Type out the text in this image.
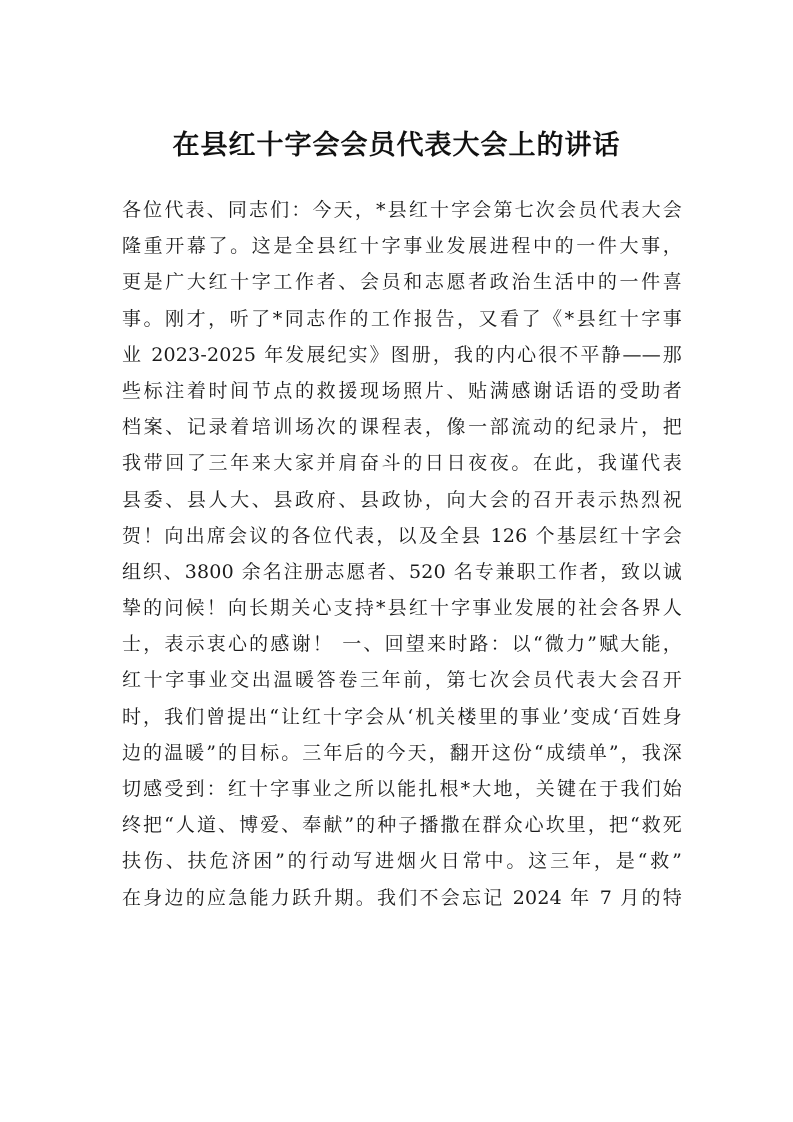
在县红十字会会员代表大会上的讲话
各位代表、同志们：今天，*县红十字会第七次会员代表大会
隆重开幕了。这是全县红十字事业发展进程中的一件大事，
更是广大红十字工作者、会员和志愿者政治生活中的一件喜
事。刚才，听了*同志作的工作报告，又看了《*县红十字事
业 2023-2025 年发展纪实》图册，我的内心很不平静——那
些标注着时间节点的救援现场照片、贴满感谢话语的受助者
档案、记录着培训场次的课程表，像一部流动的纪录片，把
我带回了三年来大家并肩奋斗的日日夜夜。在此，我谨代表
县委、县人大、县政府、县政协，向大会的召开表示热烈祝
贺！向出席会议的各位代表，以及全县 126 个基层红十字会
组织、3800 余名注册志愿者、520 名专兼职工作者，致以诚
挚的问候！向长期关心支持*县红十字事业发展的社会各界人
士，表示衷心的感谢！ 一、回望来时路：以“微力”赋大能，
红十字事业交出温暖答卷三年前，第七次会员代表大会召开
时，我们曾提出“让红十字会从‘机关楼里的事业’变成‘百姓身
边的温暖”的目标。三年后的今天，翻开这份“成绩单”，我深
切感受到：红十字事业之所以能扎根*大地，关键在于我们始
终把“人道、博爱、奉献”的种子播撒在群众心坎里，把“救死
扶伤、扶危济困”的行动写进烟火日常中。这三年，是“救”
在身边的应急能力跃升期。我们不会忘记 2024 年 7 月的特
